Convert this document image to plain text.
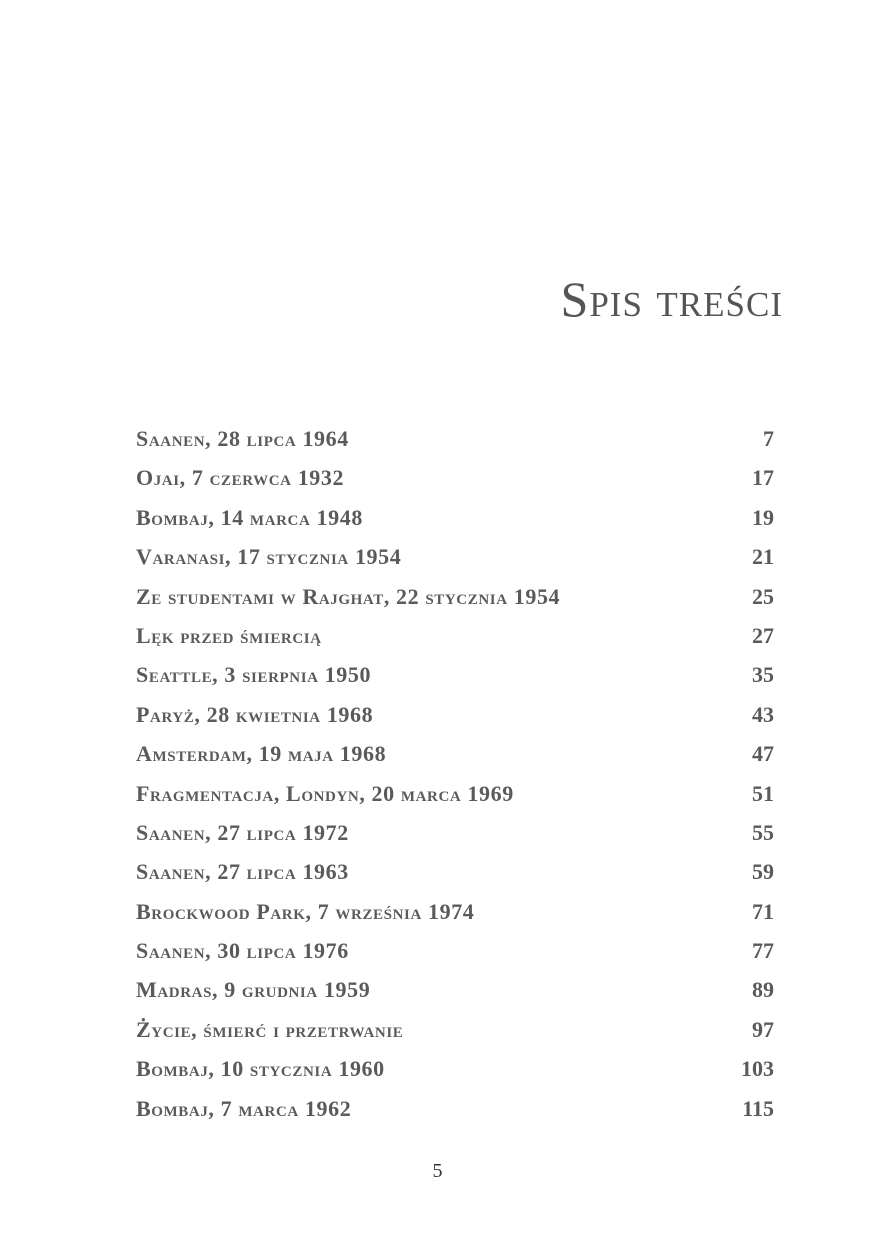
Spis treści
Saanen, 28 lipca 1964	7
Ojai, 7 czerwca 1932	17
Bombaj, 14 marca 1948	19
Varanasi, 17 stycznia 1954	21
Ze studentami w Rajghat, 22 stycznia 1954	25
Lęk przed śmiercią	27
Seattle, 3 sierpnia 1950	35
Paryż, 28 kwietnia 1968	43
Amsterdam, 19 maja 1968	47
Fragmentacja, Londyn, 20 marca 1969	51
Saanen, 27 lipca 1972	55
Saanen, 27 lipca 1963	59
Brockwood Park, 7 września 1974	71
Saanen, 30 lipca 1976	77
Madras, 9 grudnia 1959	89
Życie, śmierć i przetrwanie	97
Bombaj, 10 stycznia 1960	103
Bombaj, 7 marca 1962	115
5
